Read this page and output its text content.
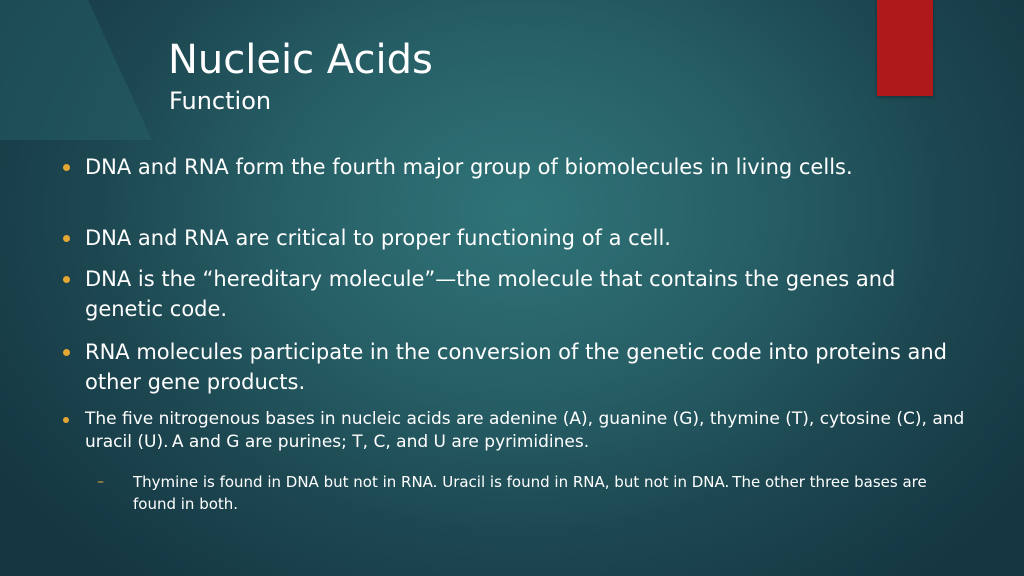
Nucleic Acids
Function
DNA and RNA form the fourth major group of biomolecules in living cells.
DNA and RNA are critical to proper functioning of a cell.
DNA is the “hereditary molecule”—the molecule that contains the genes and genetic code.
RNA molecules participate in the conversion of the genetic code into proteins and other gene products.
The five nitrogenous bases in nucleic acids are adenine (A), guanine (G), thymine (T), cytosine (C), and uracil (U). A and G are purines; T, C, and U are pyrimidines.
– Thymine is found in DNA but not in RNA. Uracil is found in RNA, but not in DNA. The other three bases are found in both.
